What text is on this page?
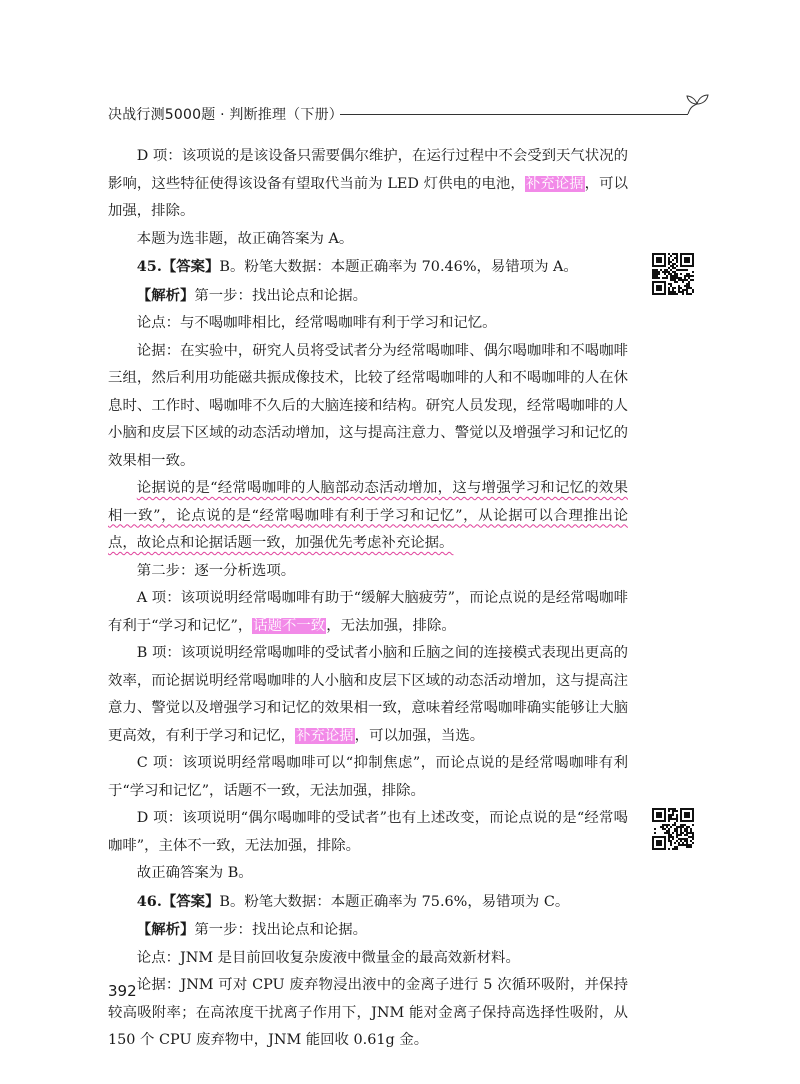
决战行测5000题 · 判断推理（下册）

D 项：该项说的是该设备只需要偶尔维护，在运行过程中不会受到天气状况的影响，这些特征使得该设备有望取代当前为 LED 灯供电的电池，补充论据，可以加强，排除。

本题为选非题，故正确答案为 A。

45.【答案】B。粉笔大数据：本题正确率为 70.46%，易错项为 A。

【解析】第一步：找出论点和论据。

论点：与不喝咖啡相比，经常喝咖啡有利于学习和记忆。

论据：在实验中，研究人员将受试者分为经常喝咖啡、偶尔喝咖啡和不喝咖啡三组，然后利用功能磁共振成像技术，比较了经常喝咖啡的人和不喝咖啡的人在休息时、工作时、喝咖啡不久后的大脑连接和结构。研究人员发现，经常喝咖啡的人小脑和皮层下区域的动态活动增加，这与提高注意力、警觉以及增强学习和记忆的效果相一致。

论据说的是“经常喝咖啡的人脑部动态活动增加，这与增强学习和记忆的效果相一致”，论点说的是“经常喝咖啡有利于学习和记忆”，从论据可以合理推出论点，故论点和论据话题一致，加强优先考虑补充论据。

第二步：逐一分析选项。

A 项：该项说明经常喝咖啡有助于“缓解大脑疲劳”，而论点说的是经常喝咖啡有利于“学习和记忆”，话题不一致，无法加强，排除。

B 项：该项说明经常喝咖啡的受试者小脑和丘脑之间的连接模式表现出更高的效率，而论据说明经常喝咖啡的人小脑和皮层下区域的动态活动增加，这与提高注意力、警觉以及增强学习和记忆的效果相一致，意味着经常喝咖啡确实能够让大脑更高效，有利于学习和记忆，补充论据，可以加强，当选。

C 项：该项说明经常喝咖啡可以“抑制焦虑”，而论点说的是经常喝咖啡有利于“学习和记忆”，话题不一致，无法加强，排除。

D 项：该项说明“偶尔喝咖啡的受试者”也有上述改变，而论点说的是“经常喝咖啡”，主体不一致，无法加强，排除。

故正确答案为 B。

46.【答案】B。粉笔大数据：本题正确率为 75.6%，易错项为 C。

【解析】第一步：找出论点和论据。

论点：JNM 是目前回收复杂废液中微量金的最高效新材料。

论据：JNM 可对 CPU 废弃物浸出液中的金离子进行 5 次循环吸附，并保持较高吸附率；在高浓度干扰离子作用下，JNM 能对金离子保持高选择性吸附，从 150 个 CPU 废弃物中，JNM 能回收 0.61g 金。

392
